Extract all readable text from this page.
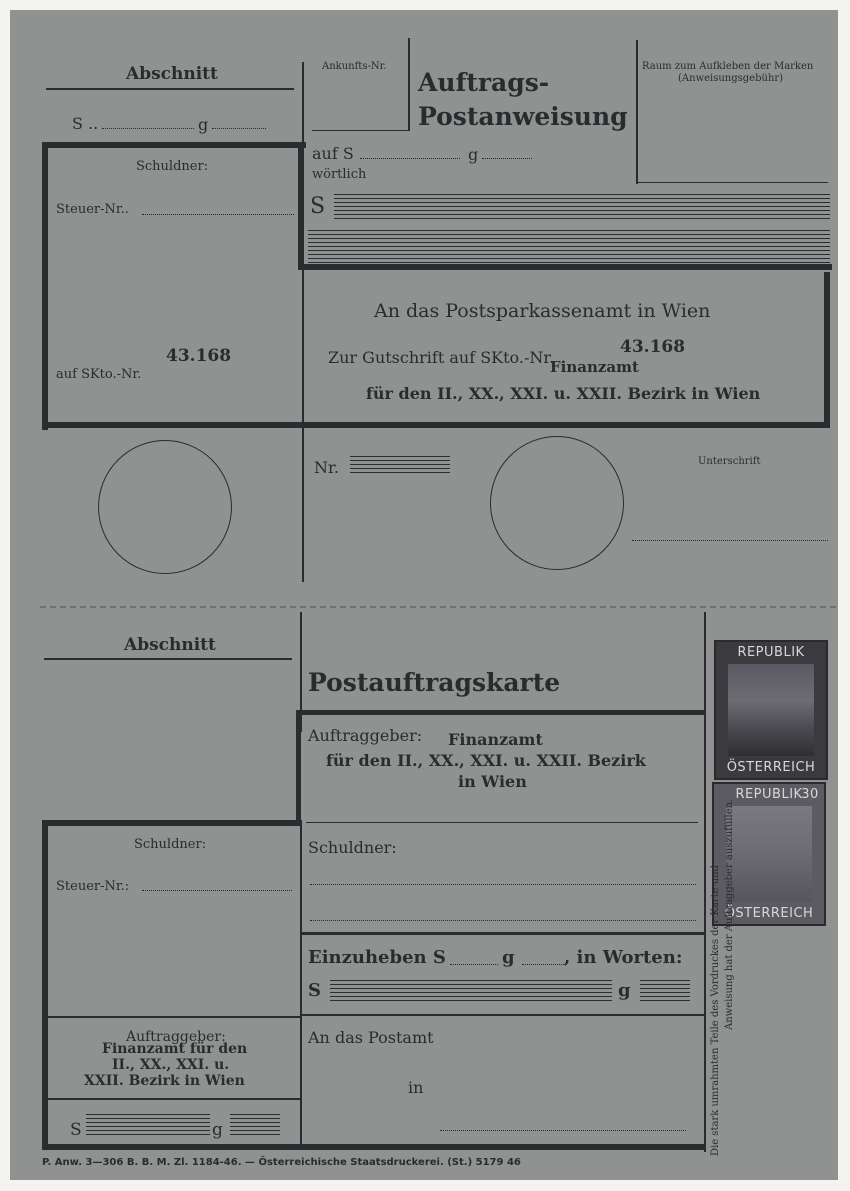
Abschnitt
S ..	g
Ankunfts-Nr.
Auftrags-
Postanweisung
Raum zum Aufkleben der Marken
(Anweisungsgebühr)
auf S	g
wörtlich
S
Schuldner:
Steuer-Nr..
auf SKto.-Nr.
43.168
An das Postsparkassenamt in Wien
Zur Gutschrift auf SKto.-Nr.
43.168
Finanzamt
für den II., XX., XXI. u. XXII. Bezirk in Wien
Nr.	Unterschrift
Abschnitt
Postauftragskarte
Auftraggeber: Finanzamt
für den II., XX., XXI. u. XXII. Bezirk
in Wien
Schuldner:
Steuer-Nr.:
Schuldner:
Einzuheben S	g	, in Worten:
S	g
An das Postamt
in
Auftraggeber:
Finanzamt für den
II., XX., XXI. u.
XXII. Bezirk in Wien
S	g
REPUBLIK
ÖSTERREICH
REPUBLIK
ÖSTERREICH
30
Die stark umrahmten Teile des Vordruckes der Karte und Anweisung hat der Auftraggeber auszufüllen.
P. Anw. 3—306 B. B. M. Zl. 1184-46. — Österreichische Staatsdruckerei. (St.) 5179 46
